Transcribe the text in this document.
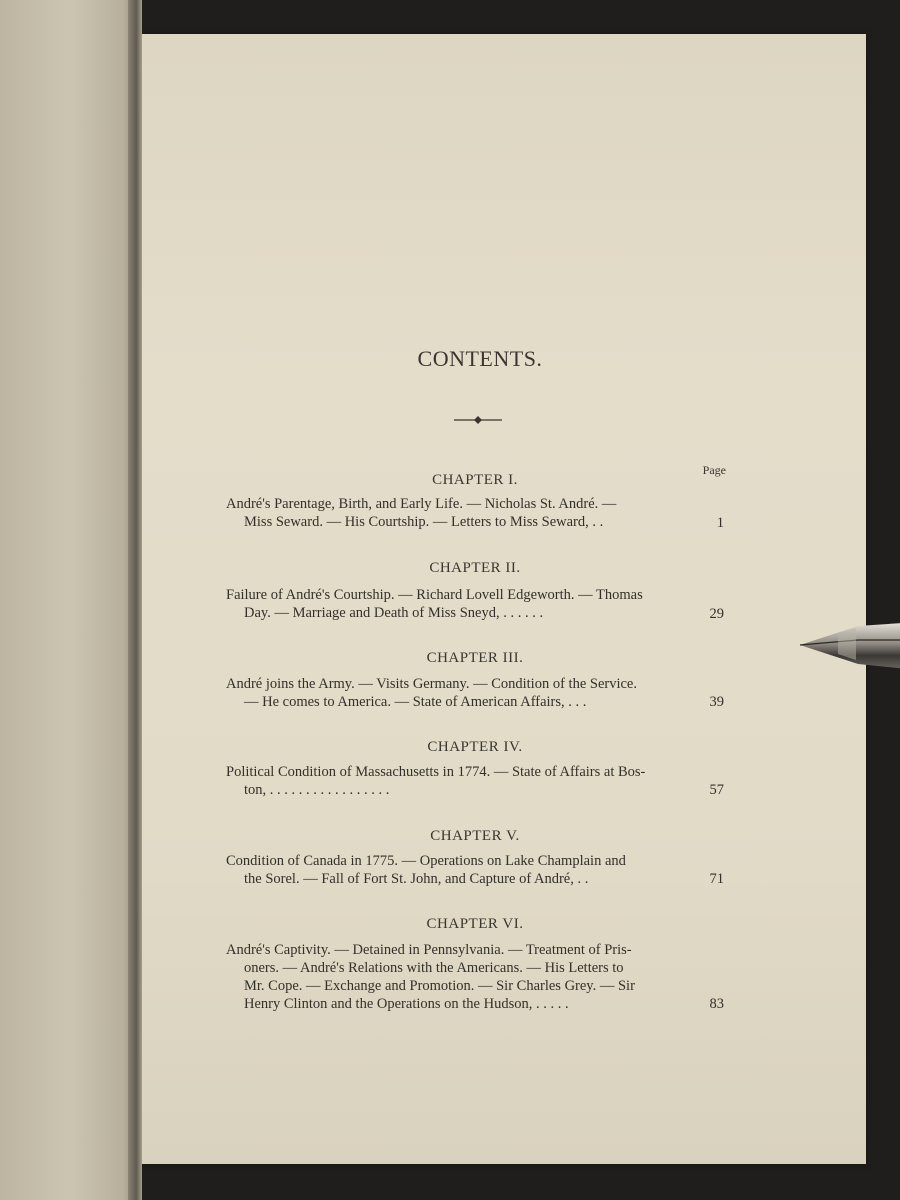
CONTENTS.
Page
CHAPTER I.
André's Parentage, Birth, and Early Life. — Nicholas St. André. —
Miss Seward. — His Courtship. — Letters to Miss Seward, . .	1
CHAPTER II.
Failure of André's Courtship. — Richard Lovell Edgeworth. — Thomas
Day. — Marriage and Death of Miss Sneyd, . . . . . .	29
CHAPTER III.
André joins the Army. — Visits Germany. — Condition of the Service.
— He comes to America. — State of American Affairs, . . .	39
CHAPTER IV.
Political Condition of Massachusetts in 1774. — State of Affairs at Bos-
ton, . . . . . . . . . . . . . . . . .	57
CHAPTER V.
Condition of Canada in 1775. — Operations on Lake Champlain and
the Sorel. — Fall of Fort St. John, and Capture of André, . .	71
CHAPTER VI.
André's Captivity. — Detained in Pennsylvania. — Treatment of Pris-
oners. — André's Relations with the Americans. — His Letters to
Mr. Cope. — Exchange and Promotion. — Sir Charles Grey. — Sir
Henry Clinton and the Operations on the Hudson, . . . . .	83
